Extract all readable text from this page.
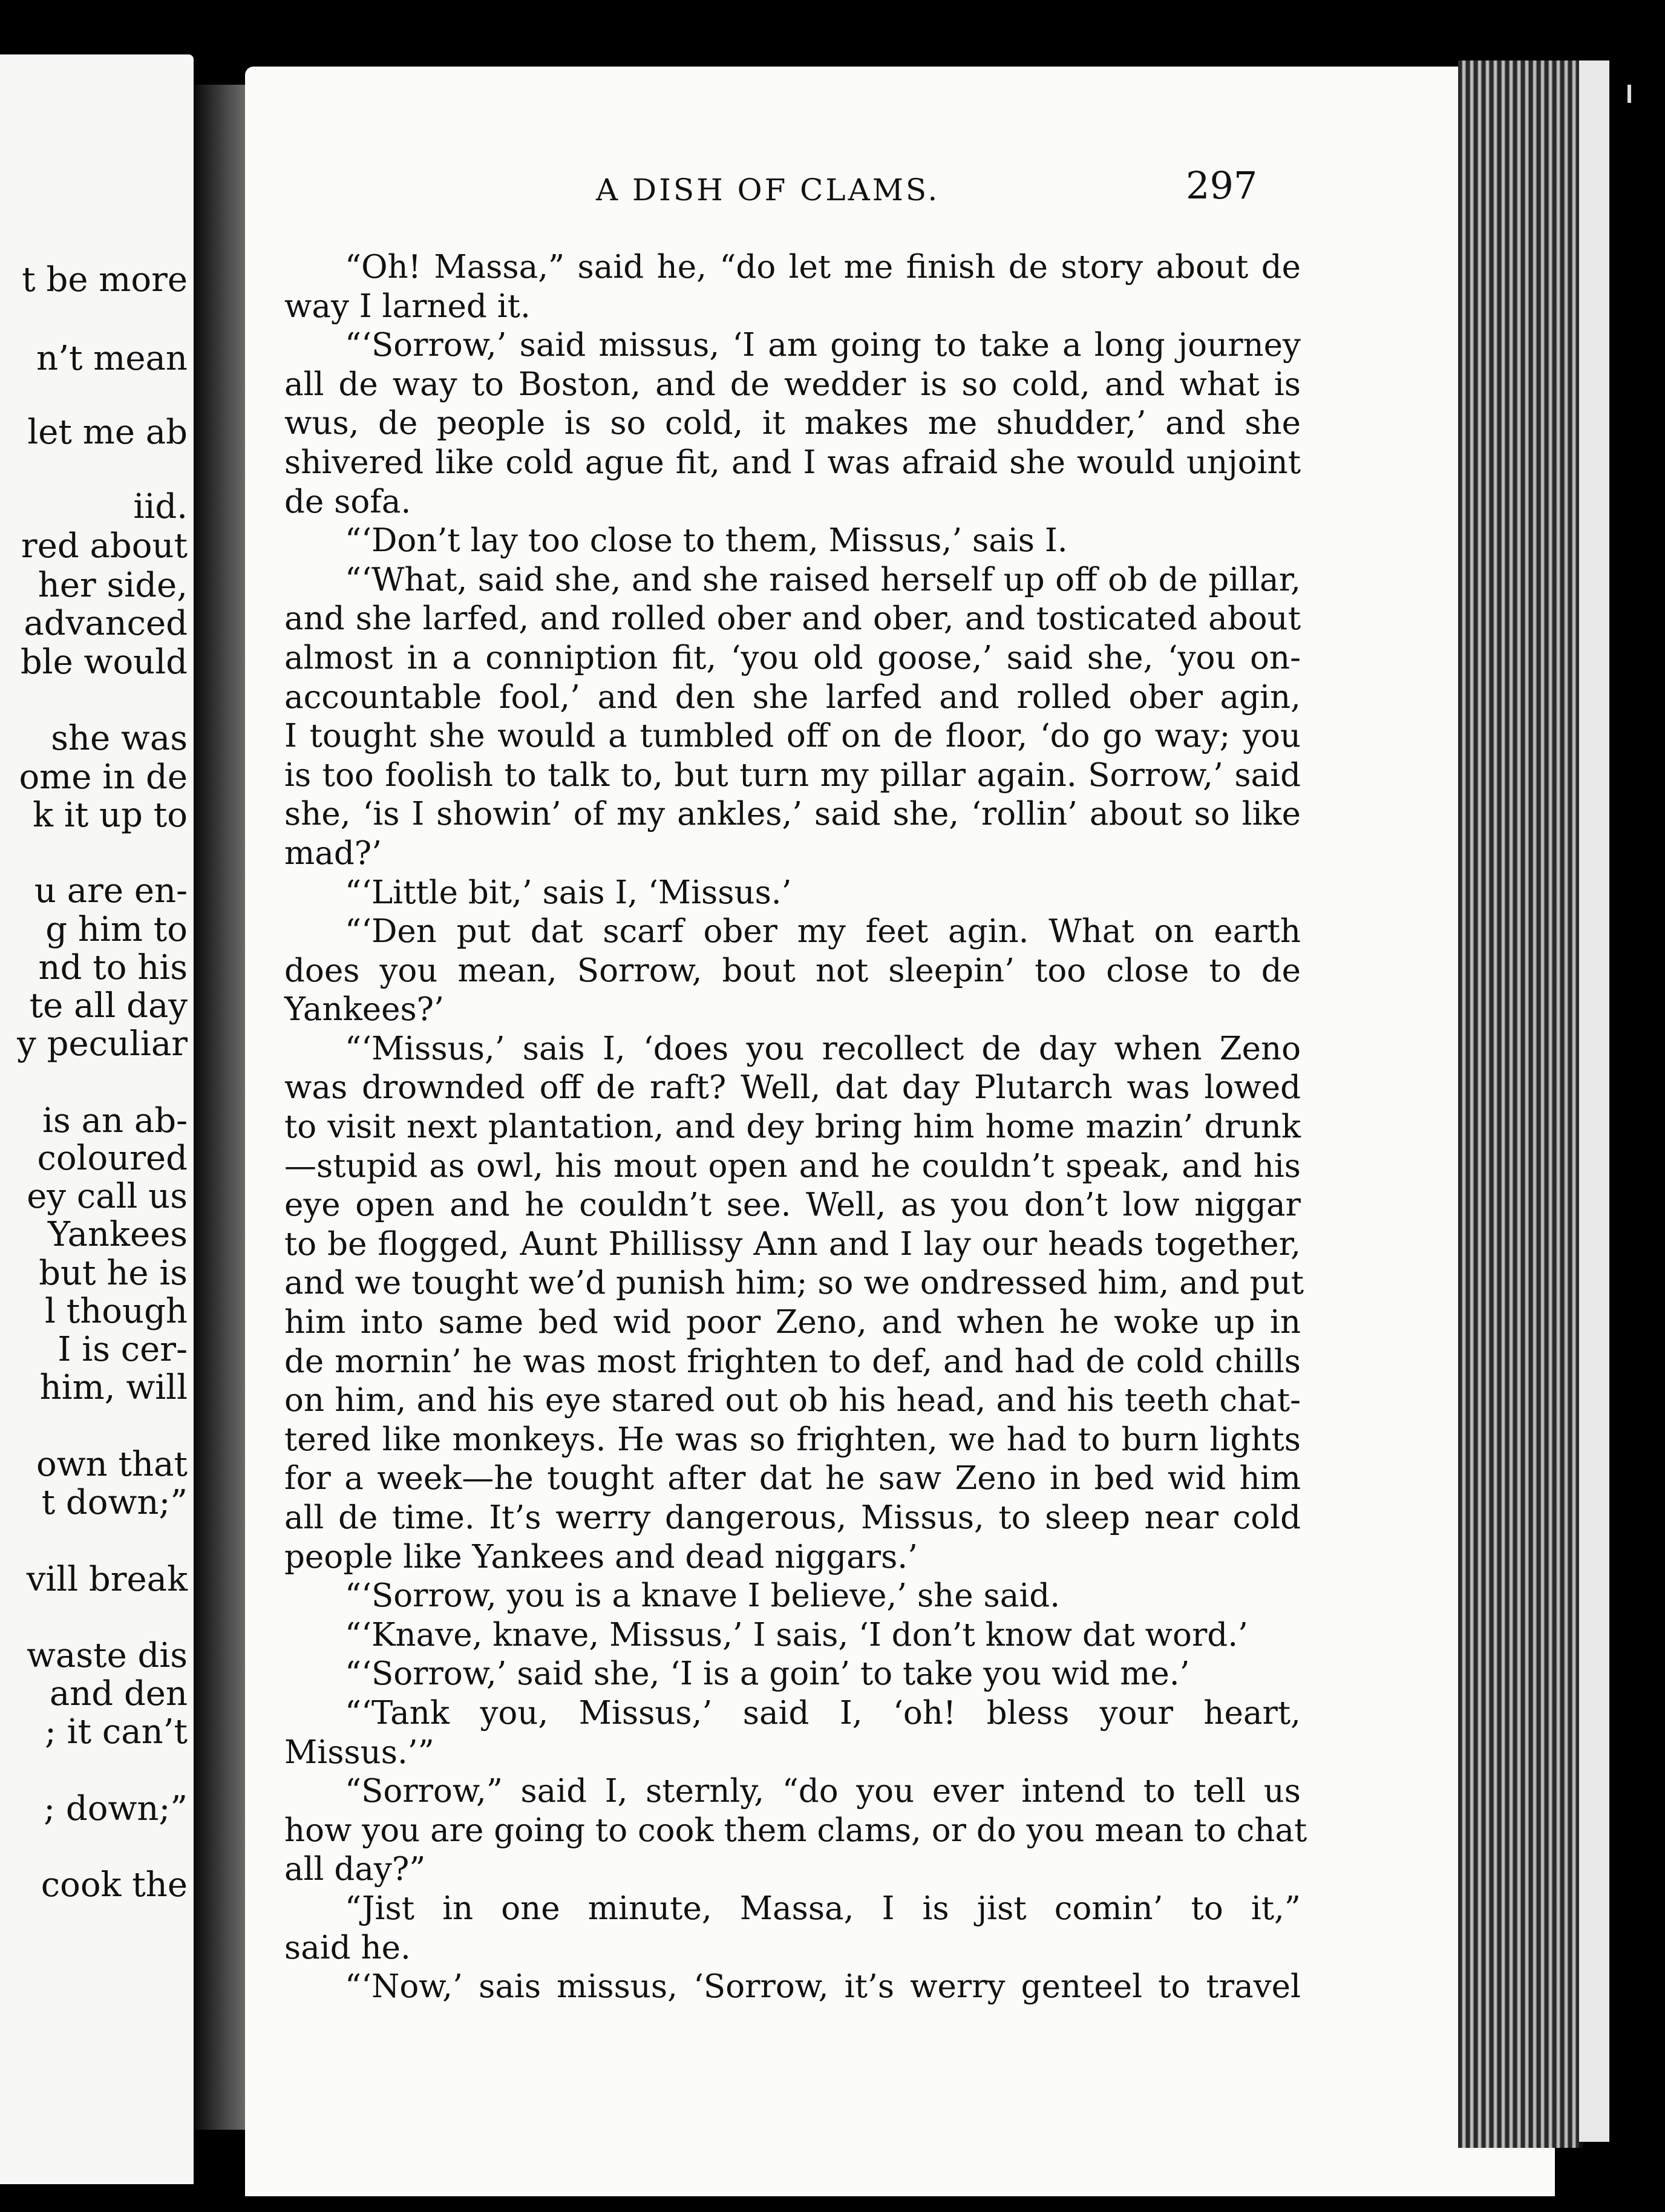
t be more
n’t mean
let me ab
iid.
red about
her side,
advanced
ble would
she was
ome in de
k it up to
u are en-
g him to
nd to his
te all day
y peculiar
is an ab-
coloured
ey call us
Yankees
but he is
l though
I is cer-
him, will
own that
t down;”
vill break
waste dis
and den
; it can’t
; down;”
cook the
A DISH OF CLAMS.	297
“Oh! Massa,” said he, “do let me finish de story about de
way I larned it.
“‘Sorrow,’ said missus, ‘I am going to take a long journey
all de way to Boston, and de wedder is so cold, and what is
wus, de people is so cold, it makes me shudder,’ and she
shivered like cold ague fit, and I was afraid she would unjoint
de sofa.
“‘Don’t lay too close to them, Missus,’ sais I.
“‘What, said she, and she raised herself up off ob de pillar,
and she larfed, and rolled ober and ober, and tosticated about
almost in a conniption fit, ‘you old goose,’ said she, ‘you on-
accountable fool,’ and den she larfed and rolled ober agin,
I tought she would a tumbled off on de floor, ‘do go way; you
is too foolish to talk to, but turn my pillar again. Sorrow,’ said
she, ‘is I showin’ of my ankles,’ said she, ‘rollin’ about so like
mad?’
“‘Little bit,’ sais I, ‘Missus.’
“‘Den put dat scarf ober my feet agin. What on earth
does you mean, Sorrow, bout not sleepin’ too close to de
Yankees?’
“‘Missus,’ sais I, ‘does you recollect de day when Zeno
was drownded off de raft? Well, dat day Plutarch was lowed
to visit next plantation, and dey bring him home mazin’ drunk
—stupid as owl, his mout open and he couldn’t speak, and his
eye open and he couldn’t see. Well, as you don’t low niggar
to be flogged, Aunt Phillissy Ann and I lay our heads together,
and we tought we’d punish him; so we ondressed him, and put
him into same bed wid poor Zeno, and when he woke up in
de mornin’ he was most frighten to def, and had de cold chills
on him, and his eye stared out ob his head, and his teeth chat-
tered like monkeys. He was so frighten, we had to burn lights
for a week—he tought after dat he saw Zeno in bed wid him
all de time. It’s werry dangerous, Missus, to sleep near cold
people like Yankees and dead niggars.’
“‘Sorrow, you is a knave I believe,’ she said.
“‘Knave, knave, Missus,’ I sais, ‘I don’t know dat word.’
“‘Sorrow,’ said she, ‘I is a goin’ to take you wid me.’
“‘Tank you, Missus,’ said I, ‘oh! bless your heart,
Missus.’”
“Sorrow,” said I, sternly, “do you ever intend to tell us
how you are going to cook them clams, or do you mean to chat
all day?”
“Jist in one minute, Massa, I is jist comin’ to it,”
said he.
“‘Now,’ sais missus, ‘Sorrow, it’s werry genteel to travel
